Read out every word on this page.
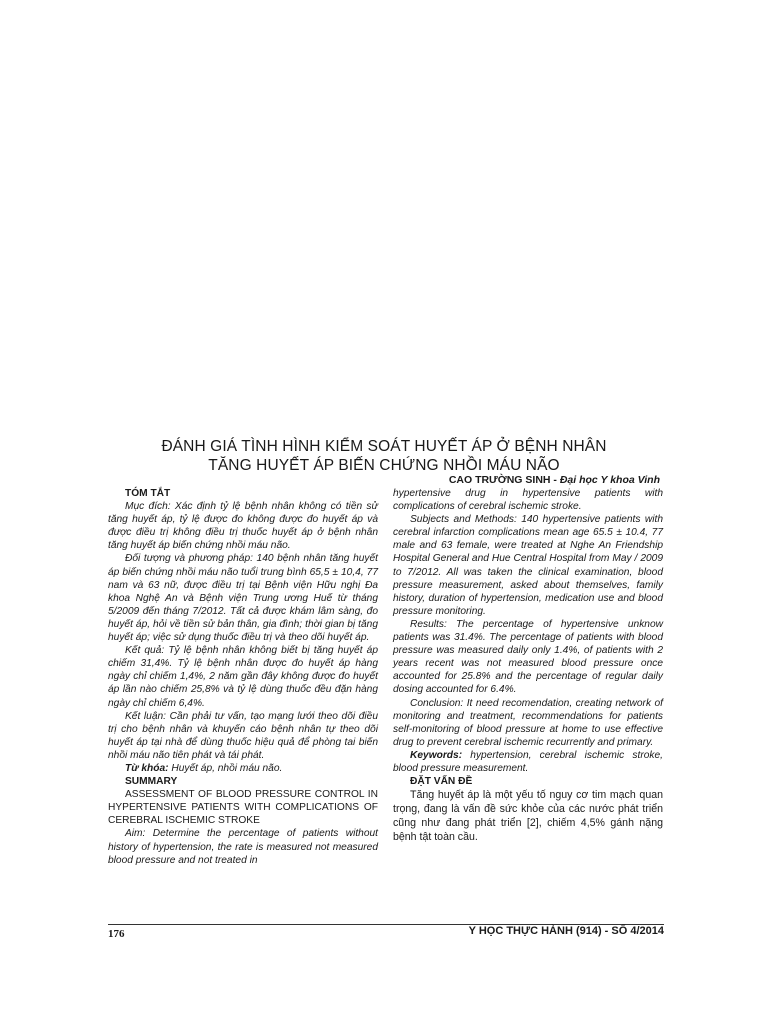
ĐÁNH GIÁ TÌNH HÌNH KIỂM SOÁT HUYẾT ÁP Ở BỆNH NHÂN
TĂNG HUYẾT ÁP BIẾN CHỨNG NHỒI MÁU NÃO
CAO TRƯỜNG SINH - Đại học Y khoa Vinh

TÓM TẮT

Mục đích: Xác định tỷ lệ bệnh nhân không có tiền sử tăng huyết áp, tỷ lệ được đo không được đo huyết áp và được điều trị không điều trị thuốc huyết áp ở bệnh nhân tăng huyết áp biến chứng nhồi máu não.

Đối tượng và phương pháp: 140 bệnh nhân tăng huyết áp biến chứng nhồi máu não tuổi trung bình 65,5 ± 10,4, 77 nam và 63 nữ, được điều trị tại Bệnh viện Hữu nghị Đa khoa Nghệ An và Bệnh viện Trung ương Huế từ tháng 5/2009 đến tháng 7/2012. Tất cả được khám lâm sàng, đo huyết áp, hỏi về tiền sử bản thân, gia đình; thời gian bị tăng huyết áp; việc sử dụng thuốc điều trị và theo dõi huyết áp.

Kết quả: Tỷ lệ bệnh nhân không biết bị tăng huyết áp chiếm 31,4%. Tỷ lệ bệnh nhân được đo huyết áp hàng ngày chỉ chiếm 1,4%, 2 năm gần đây không được đo huyết áp lần nào chiếm 25,8% và tỷ lệ dùng thuốc đều đặn hàng ngày chỉ chiếm 6,4%.

Kết luận: Cần phải tư vấn, tạo mạng lưới theo dõi điều trị cho bệnh nhân và khuyến cáo bệnh nhân tự theo dõi huyết áp tại nhà để dùng thuốc hiệu quả để phòng tai biến nhồi máu não tiên phát và tái phát.

Từ khóa: Huyết áp, nhồi máu não.

SUMMARY

ASSESSMENT OF BLOOD PRESSURE CONTROL IN HYPERTENSIVE PATIENTS WITH COMPLICATIONS OF CEREBRAL ISCHEMIC STROKE

Aim: Determine the percentage of patients without history of hypertension, the rate is measured not measured blood pressure and not treated in

hypertensive drug in hypertensive patients with complications of cerebral ischemic stroke.

Subjects and Methods: 140 hypertensive patients with cerebral infarction complications mean age 65.5 ± 10.4, 77 male and 63 female, were treated at Nghe An Friendship Hospital General and Hue Central Hospital from May / 2009 to 7/2012. All was taken the clinical examination, blood pressure measurement, asked about themselves, family history, duration of hypertension, medication use and blood pressure monitoring.

Results: The percentage of hypertensive unknow patients was 31.4%. The percentage of patients with blood pressure was measured daily only 1.4%, of patients with 2 years recent was not measured blood pressure once accounted for 25.8% and the percentage of regular daily dosing accounted for 6.4%.

Conclusion: It need recomendation, creating network of monitoring and treatment, recommendations for patients self-monitoring of blood pressure at home to use effective drug to prevent cerebral ischemic recurrently and primary.

Keywords: hypertension, cerebral ischemic stroke, blood pressure measurement.

ĐẶT VẤN ĐỀ

Tăng huyết áp là một yếu tố nguy cơ tim mạch quan trọng, đang là vấn đề sức khỏe của các nước phát triển cũng như đang phát triển [2], chiếm 4,5% gánh nặng bệnh tật toàn cầu.

176	Y HỌC THỰC HÀNH (914) - SỐ 4/2014
